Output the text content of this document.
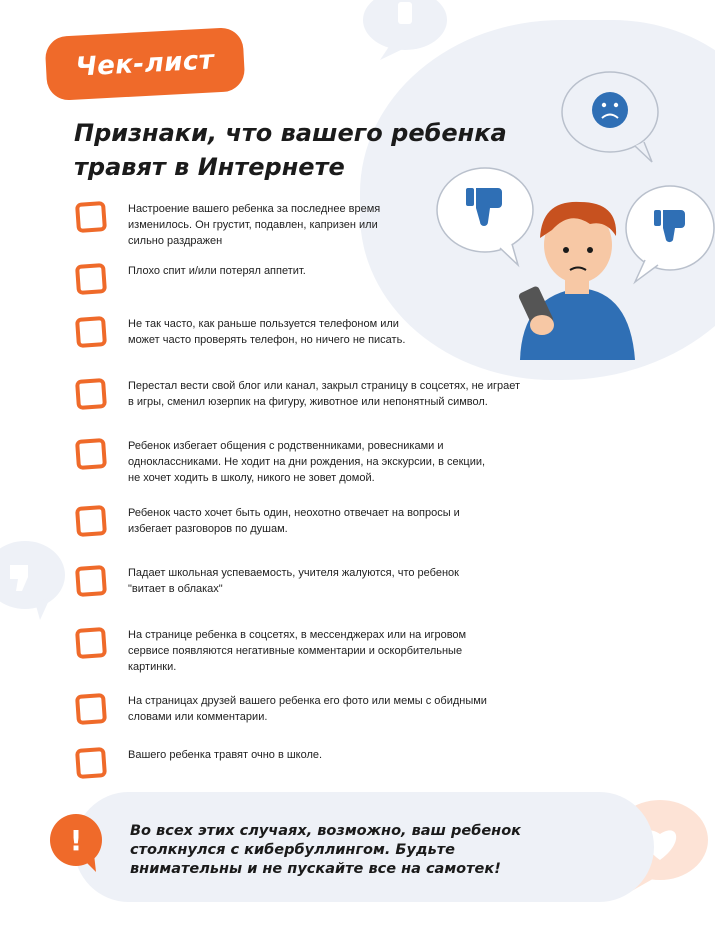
Чек-лист
Признаки, что вашего ребенка
травят в Интернете
Настроение вашего ребенка за последнее время
изменилось. Он грустит, подавлен, капризен или
сильно раздражен
Плохо спит и/или потерял аппетит.
Не так часто, как раньше пользуется телефоном или
может часто проверять телефон, но ничего не писать.
Перестал вести свой блог или канал, закрыл страницу в соцсетях, не играет
в игры, сменил юзерпик на фигуру, животное или непонятный символ.
Ребенок избегает общения с родственниками, ровесниками и
одноклассниками. Не ходит на дни рождения, на экскурсии, в секции,
не хочет ходить в школу, никого не зовет домой.
Ребенок часто хочет быть один, неохотно отвечает на вопросы и
избегает разговоров по душам.
Падает школьная успеваемость, учителя жалуются, что ребенок
"витает в облаках"
На странице ребенка в соцсетях, в мессенджерах или на игровом
сервисе появляются негативные комментарии и оскорбительные
картинки.
На страницах друзей вашего ребенка его фото или мемы с обидными
словами или комментарии.
Вашего ребенка травят очно в школе.
!	Во всех этих случаях, возможно, ваш ребенок
столкнулся с кибербуллингом. Будьте
внимательны и не пускайте все на самотек!
